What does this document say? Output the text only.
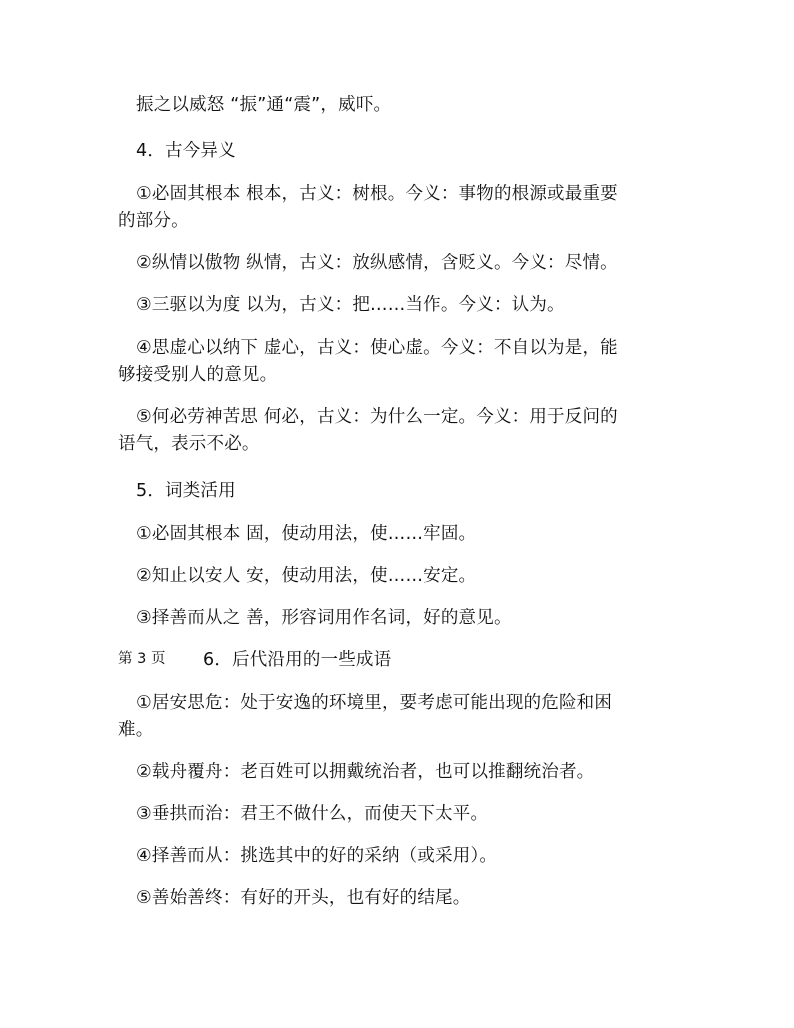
振之以威怒 “振”通“震”，威吓。
4．古今异义
①必固其根本 根本，古义：树根。今义：事物的根源或最重要
的部分。
②纵情以傲物 纵情，古义：放纵感情，含贬义。今义：尽情。
③三驱以为度 以为，古义：把……当作。今义：认为。
④思虚心以纳下 虚心，古义：使心虚。今义：不自以为是，能
够接受别人的意见。
⑤何必劳神苦思 何必，古义：为什么一定。今义：用于反问的
语气，表示不必。
5．词类活用
①必固其根本 固，使动用法，使……牢固。
②知止以安人 安，使动用法，使……安定。
③择善而从之 善，形容词用作名词，好的意见。
第 3 页 6．后代沿用的一些成语
①居安思危：处于安逸的环境里，要考虑可能出现的危险和困
难。
②载舟覆舟：老百姓可以拥戴统治者，也可以推翻统治者。
③垂拱而治：君王不做什么，而使天下太平。
④择善而从：挑选其中的好的采纳（或采用）。
⑤善始善终：有好的开头，也有好的结尾。
